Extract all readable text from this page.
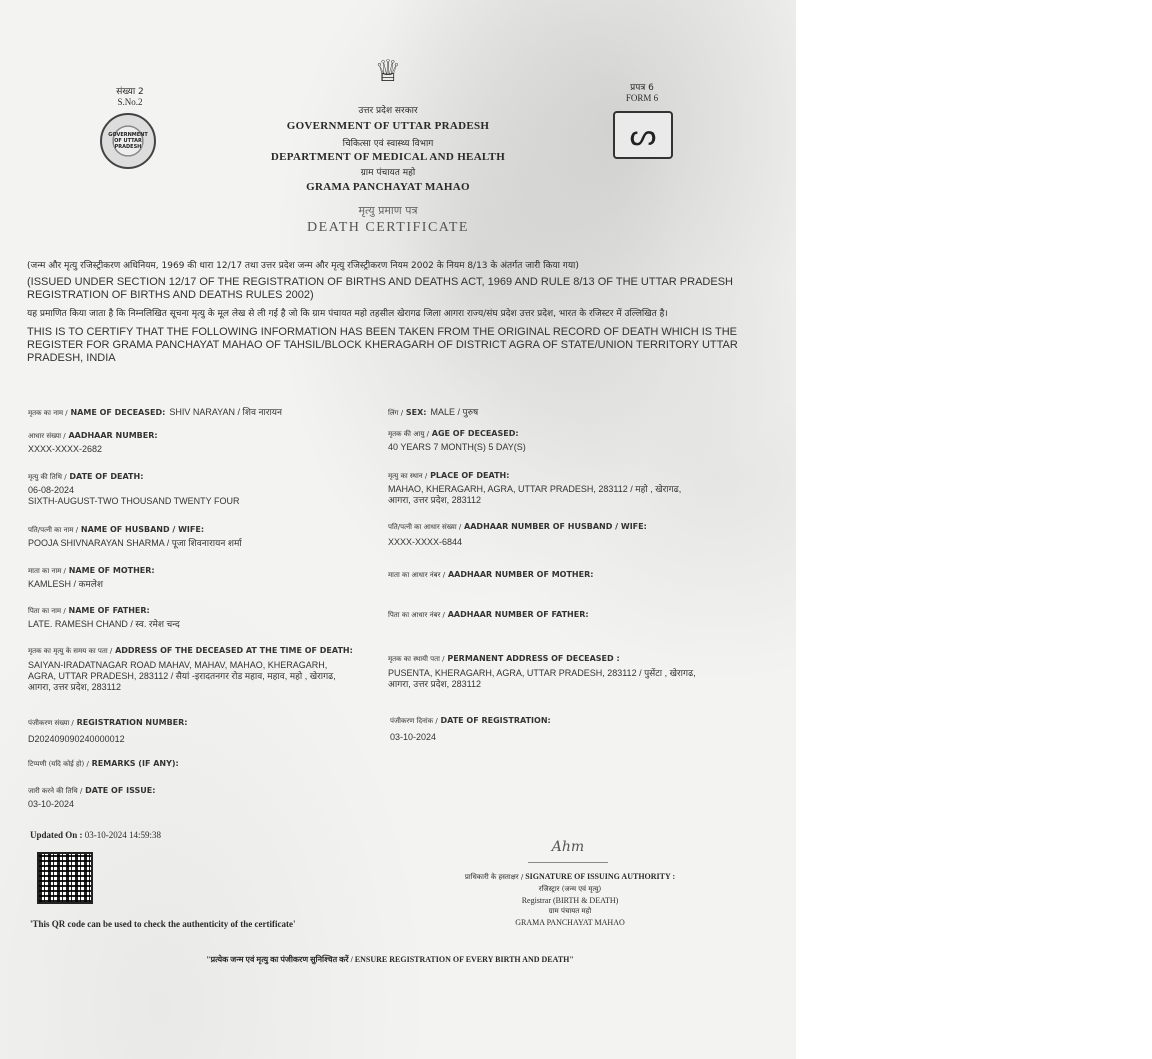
संख्या 2
S.No.2
GOVERNMENT OF UTTAR PRADESH
♕
उत्तर प्रदेश सरकार
GOVERNMENT OF UTTAR PRADESH
चिकित्सा एवं स्वास्थ्य विभाग
DEPARTMENT OF MEDICAL AND HEALTH
ग्राम पंचायत महो
GRAMA PANCHAYAT MAHAO
मृत्यु प्रमाण पत्र
DEATH CERTIFICATE
प्रपत्र 6
FORM 6
ᔕ
(जन्म और मृत्यु रजिस्ट्रीकरण अधिनियम, 1969 की धारा 12/17 तथा उत्तर प्रदेश जन्म और मृत्यु रजिस्ट्रीकरण नियम 2002 के नियम 8/13 के अंतर्गत जारी किया गया)
(ISSUED UNDER SECTION 12/17 OF THE REGISTRATION OF BIRTHS AND DEATHS ACT, 1969 AND RULE 8/13 OF THE UTTAR PRADESH REGISTRATION OF BIRTHS AND DEATHS RULES 2002)
यह प्रमाणित किया जाता है कि निम्नलिखित सूचना मृत्यु के मूल लेख से ली गई है जो कि ग्राम पंचायत महो तहसील खेरागढ जिला आगरा राज्य/संघ प्रदेश उत्तर प्रदेश, भारत के रजिस्टर में उल्लिखित है।
THIS IS TO CERTIFY THAT THE FOLLOWING INFORMATION HAS BEEN TAKEN FROM THE ORIGINAL RECORD OF DEATH WHICH IS THE REGISTER FOR GRAMA PANCHAYAT MAHAO OF TAHSIL/BLOCK KHERAGARH OF DISTRICT AGRA OF STATE/UNION TERRITORY UTTAR PRADESH, INDIA
मृतक का नाम / NAME OF DECEASED: SHIV NARAYAN / शिव नारायन
आधार संख्या / AADHAAR NUMBER:
XXXX-XXXX-2682
मृत्यु की तिथि / DATE OF DEATH:
06-08-2024
SIXTH-AUGUST-TWO THOUSAND TWENTY FOUR
पति/पत्नी का नाम / NAME OF HUSBAND / WIFE:
POOJA SHIVNARAYAN SHARMA / पूजा शिवनारायन शर्मा
माता का नाम / NAME OF MOTHER:
KAMLESH / कमलेश
पिता का नाम / NAME OF FATHER:
LATE. RAMESH CHAND / स्व. रमेश चन्द
मृतक का मृत्यु के समय का पता / ADDRESS OF THE DECEASED AT THE TIME OF DEATH:
SAIYAN-IRADATNAGAR ROAD MAHAV, MAHAV, MAHAO, KHERAGARH,
AGRA, UTTAR PRADESH, 283112 / सैयां -इरादतनगर रोड महाव, महाव, महो , खेरागढ,
आगरा, उत्तर प्रदेश, 283112
पंजीकरण संख्या / REGISTRATION NUMBER:
D202409090240000012
टिप्पणी (यदि कोई हो) / REMARKS (IF ANY):
जारी करने की तिथि / DATE OF ISSUE:
03-10-2024
लिंग / SEX: MALE / पुरुष
मृतक की आयु / AGE OF DECEASED:
40 YEARS 7 MONTH(S) 5 DAY(S)
मृत्यु का स्थान / PLACE OF DEATH:
MAHAO, KHERAGARH, AGRA, UTTAR PRADESH, 283112 / महो , खेरागढ,
आगरा, उत्तर प्रदेश, 283112
पति/पत्नी का आधार संख्या / AADHAAR NUMBER OF HUSBAND / WIFE:
XXXX-XXXX-6844
माता का आधार नंबर / AADHAAR NUMBER OF MOTHER:
पिता का आधार नंबर / AADHAAR NUMBER OF FATHER:
मृतक का स्थायी पता / PERMANENT ADDRESS OF DECEASED :
PUSENTA, KHERAGARH, AGRA, UTTAR PRADESH, 283112 / पुसेंटा , खेरागढ,
आगरा, उत्तर प्रदेश, 283112
पंजीकरण दिनांक / DATE OF REGISTRATION:
03-10-2024
Updated On : 03-10-2024 14:59:38
'This QR code can be used to check the authenticity of the certificate'
Ahm
प्राधिकारी के हस्ताक्षर / SIGNATURE OF ISSUING AUTHORITY :
रजिस्ट्रार (जन्म एवं मृत्यु)
Registrar (BIRTH & DEATH)
ग्राम पंचायत महो
GRAMA PANCHAYAT MAHAO
"प्रत्येक जन्म एवं मृत्यु का पंजीकरण सुनिश्चित करें / ENSURE REGISTRATION OF EVERY BIRTH AND DEATH"
